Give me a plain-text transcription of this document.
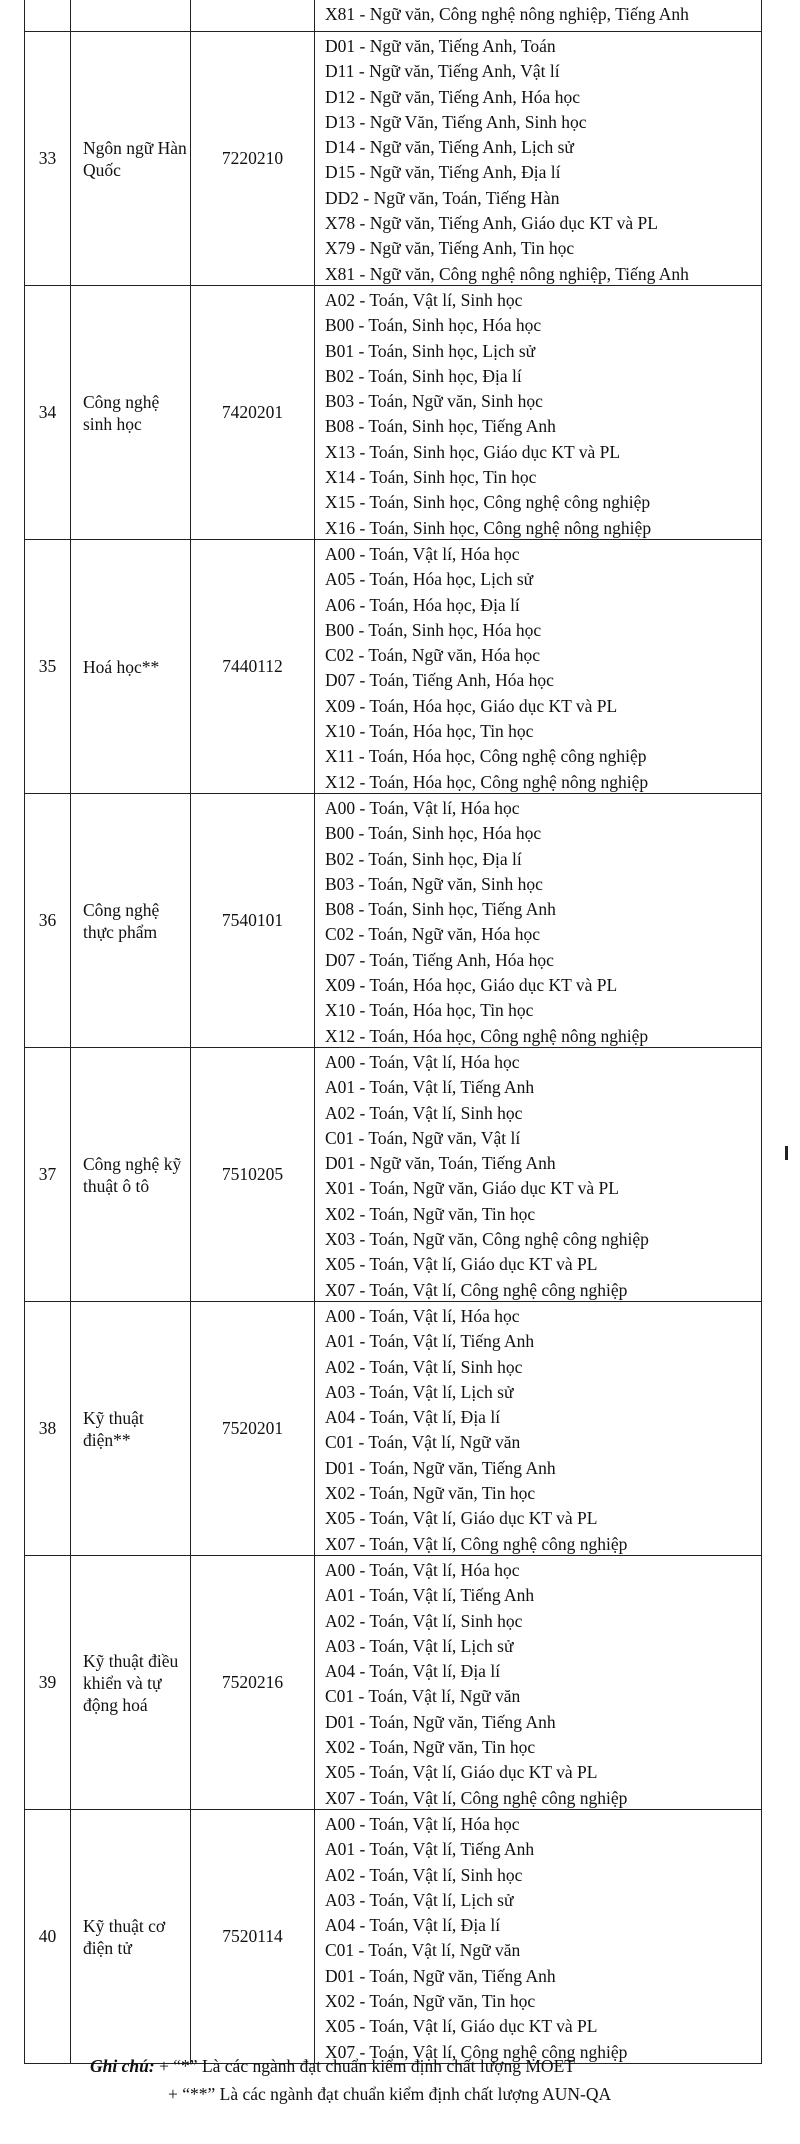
X81 - Ngữ văn, Công nghệ nông nghiệp, Tiếng Anh
33
Ngôn ngữ Hàn Quốc
7220210
D01 - Ngữ văn, Tiếng Anh, Toán
D11 - Ngữ văn, Tiếng Anh, Vật lí
D12 - Ngữ văn, Tiếng Anh, Hóa học
D13 - Ngữ Văn, Tiếng Anh, Sinh học
D14 - Ngữ văn, Tiếng Anh, Lịch sử
D15 - Ngữ văn, Tiếng Anh, Địa lí
DD2 - Ngữ văn, Toán, Tiếng Hàn
X78 - Ngữ văn, Tiếng Anh, Giáo dục KT và PL
X79 - Ngữ văn, Tiếng Anh, Tin học
X81 - Ngữ văn, Công nghệ nông nghiệp, Tiếng Anh
34
Công nghệ sinh học
7420201
A02 - Toán, Vật lí, Sinh học
B00 - Toán, Sinh học, Hóa học
B01 - Toán, Sinh học, Lịch sử
B02 - Toán, Sinh học, Địa lí
B03 - Toán, Ngữ văn, Sinh học
B08 - Toán, Sinh học, Tiếng Anh
X13 - Toán, Sinh học, Giáo dục KT và PL
X14 - Toán, Sinh học, Tin học
X15 - Toán, Sinh học, Công nghệ công nghiệp
X16 - Toán, Sinh học, Công nghệ nông nghiệp
35	Hoá học**	7440112
A00 - Toán, Vật lí, Hóa học
A05 - Toán, Hóa học, Lịch sử
A06 - Toán, Hóa học, Địa lí
B00 - Toán, Sinh học, Hóa học
C02 - Toán, Ngữ văn, Hóa học
D07 - Toán, Tiếng Anh, Hóa học
X09 - Toán, Hóa học, Giáo dục KT và PL
X10 - Toán, Hóa học, Tin học
X11 - Toán, Hóa học, Công nghệ công nghiệp
X12 - Toán, Hóa học, Công nghệ nông nghiệp
36
Công nghệ thực phẩm
7540101
A00 - Toán, Vật lí, Hóa học
B00 - Toán, Sinh học, Hóa học
B02 - Toán, Sinh học, Địa lí
B03 - Toán, Ngữ văn, Sinh học
B08 - Toán, Sinh học, Tiếng Anh
C02 - Toán, Ngữ văn, Hóa học
D07 - Toán, Tiếng Anh, Hóa học
X09 - Toán, Hóa học, Giáo dục KT và PL
X10 - Toán, Hóa học, Tin học
X12 - Toán, Hóa học, Công nghệ nông nghiệp
37
Công nghệ kỹ thuật ô tô
7510205
A00 - Toán, Vật lí, Hóa học
A01 - Toán, Vật lí, Tiếng Anh
A02 - Toán, Vật lí, Sinh học
C01 - Toán, Ngữ văn, Vật lí
D01 - Ngữ văn, Toán, Tiếng Anh
X01 - Toán, Ngữ văn, Giáo dục KT và PL
X02 - Toán, Ngữ văn, Tin học
X03 - Toán, Ngữ văn, Công nghệ công nghiệp
X05 - Toán, Vật lí, Giáo dục KT và PL
X07 - Toán, Vật lí, Công nghệ công nghiệp
38
Kỹ thuật điện**
7520201
A00 - Toán, Vật lí, Hóa học
A01 - Toán, Vật lí, Tiếng Anh
A02 - Toán, Vật lí, Sinh học
A03 - Toán, Vật lí, Lịch sử
A04 - Toán, Vật lí, Địa lí
C01 - Toán, Vật lí, Ngữ văn
D01 - Toán, Ngữ văn, Tiếng Anh
X02 - Toán, Ngữ văn, Tin học
X05 - Toán, Vật lí, Giáo dục KT và PL
X07 - Toán, Vật lí, Công nghệ công nghiệp
39
Kỹ thuật điều khiển và tự động hoá
7520216
A00 - Toán, Vật lí, Hóa học
A01 - Toán, Vật lí, Tiếng Anh
A02 - Toán, Vật lí, Sinh học
A03 - Toán, Vật lí, Lịch sử
A04 - Toán, Vật lí, Địa lí
C01 - Toán, Vật lí, Ngữ văn
D01 - Toán, Ngữ văn, Tiếng Anh
X02 - Toán, Ngữ văn, Tin học
X05 - Toán, Vật lí, Giáo dục KT và PL
X07 - Toán, Vật lí, Công nghệ công nghiệp
40
Kỹ thuật cơ điện tử
7520114
A00 - Toán, Vật lí, Hóa học
A01 - Toán, Vật lí, Tiếng Anh
A02 - Toán, Vật lí, Sinh học
A03 - Toán, Vật lí, Lịch sử
A04 - Toán, Vật lí, Địa lí
C01 - Toán, Vật lí, Ngữ văn
D01 - Toán, Ngữ văn, Tiếng Anh
X02 - Toán, Ngữ văn, Tin học
X05 - Toán, Vật lí, Giáo dục KT và PL
X07 - Toán, Vật lí, Công nghệ công nghiệp
Ghi chú: + “*” Là các ngành đạt chuẩn kiểm định chất lượng MOET
+ “**” Là các ngành đạt chuẩn kiểm định chất lượng AUN-QA
